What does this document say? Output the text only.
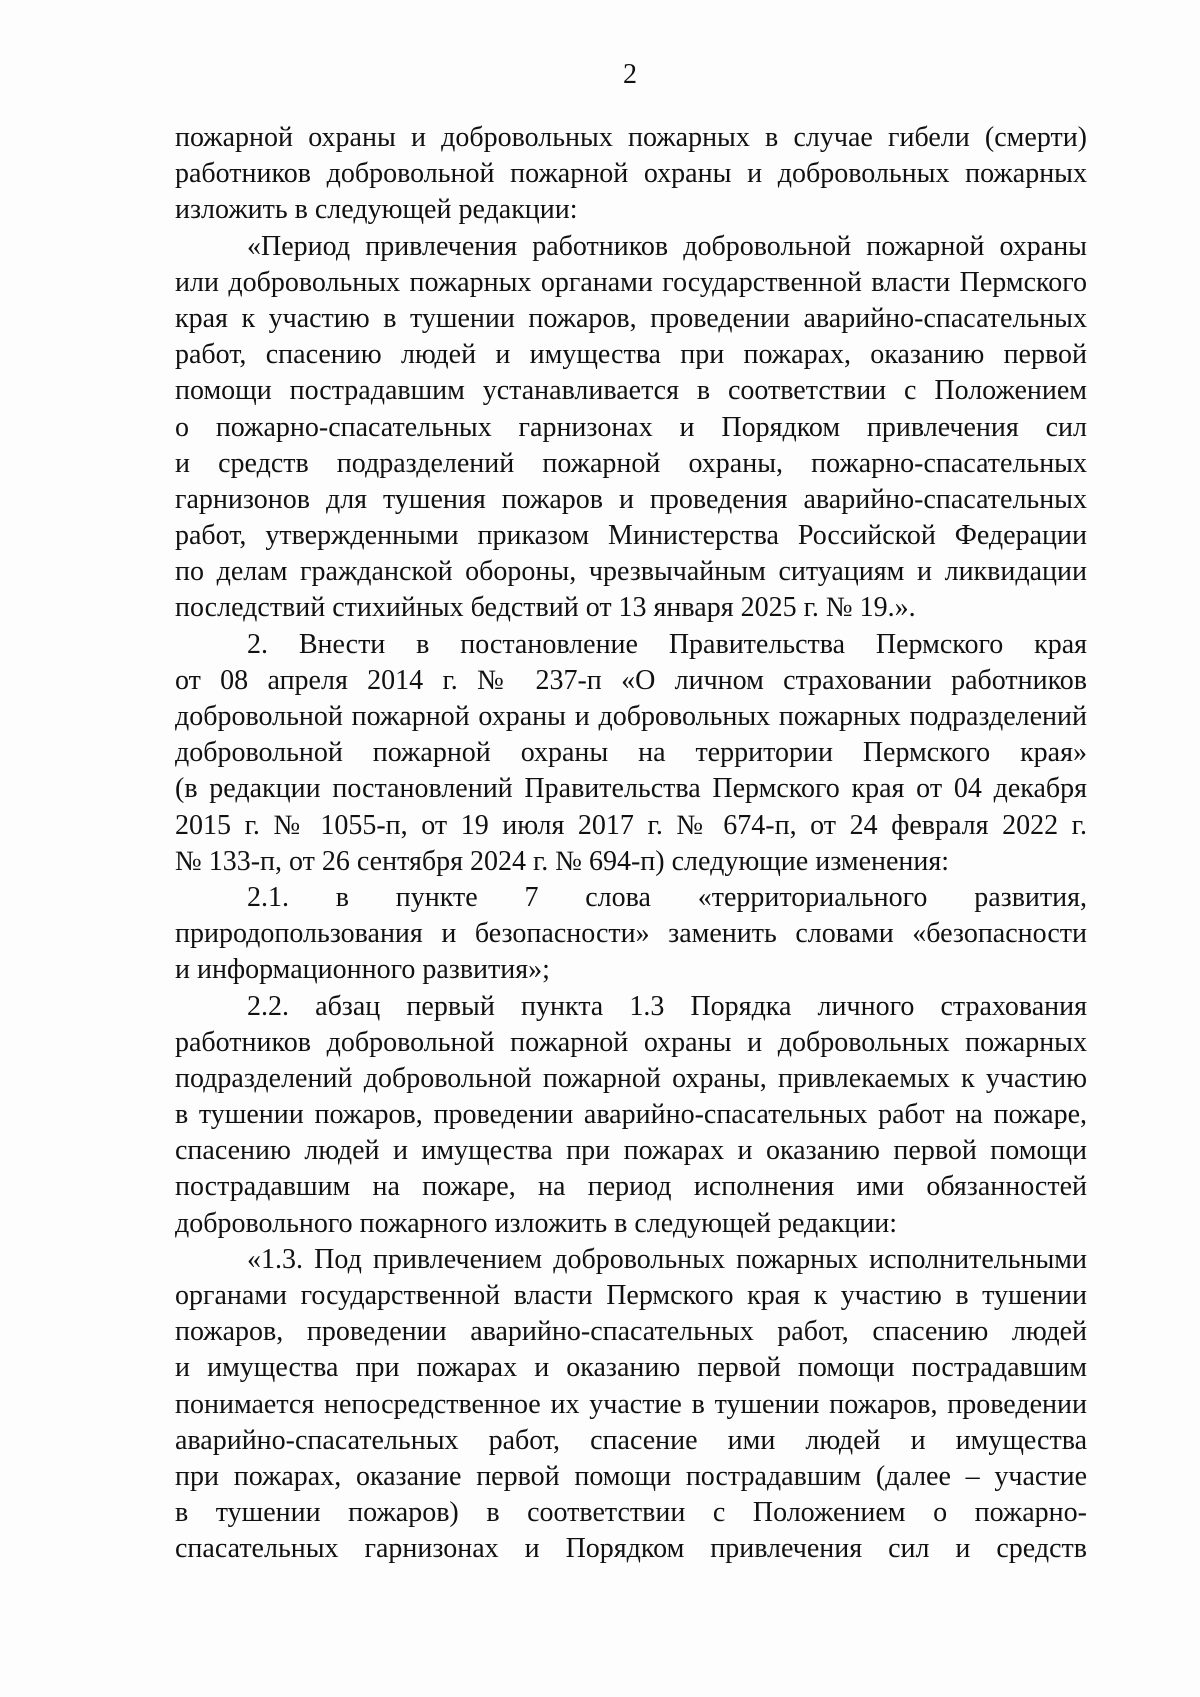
2
пожарной охраны и добровольных пожарных в случае гибели (смерти)
работников добровольной пожарной охраны и добровольных пожарных
изложить в следующей редакции:
«Период привлечения работников добровольной пожарной охраны
или добровольных пожарных органами государственной власти Пермского
края к участию в тушении пожаров, проведении аварийно-спасательных
работ, спасению людей и имущества при пожарах, оказанию первой
помощи пострадавшим устанавливается в соответствии с Положением
о пожарно-спасательных гарнизонах и Порядком привлечения сил
и средств подразделений пожарной охраны, пожарно-спасательных
гарнизонов для тушения пожаров и проведения аварийно-спасательных
работ, утвержденными приказом Министерства Российской Федерации
по делам гражданской обороны, чрезвычайным ситуациям и ликвидации
последствий стихийных бедствий от 13 января 2025 г. № 19.».
2. Внести в постановление Правительства Пермского края
от 08 апреля 2014 г. № 237-п «О личном страховании работников
добровольной пожарной охраны и добровольных пожарных подразделений
добровольной пожарной охраны на территории Пермского края»
(в редакции постановлений Правительства Пермского края от 04 декабря
2015 г. № 1055-п, от 19 июля 2017 г. № 674-п, от 24 февраля 2022 г.
№ 133-п, от 26 сентября 2024 г. № 694-п) следующие изменения:
2.1. в пункте 7 слова «территориального развития,
природопользования и безопасности» заменить словами «безопасности
и информационного развития»;
2.2. абзац первый пункта 1.3 Порядка личного страхования
работников добровольной пожарной охраны и добровольных пожарных
подразделений добровольной пожарной охраны, привлекаемых к участию
в тушении пожаров, проведении аварийно-спасательных работ на пожаре,
спасению людей и имущества при пожарах и оказанию первой помощи
пострадавшим на пожаре, на период исполнения ими обязанностей
добровольного пожарного изложить в следующей редакции:
«1.3. Под привлечением добровольных пожарных исполнительными
органами государственной власти Пермского края к участию в тушении
пожаров, проведении аварийно-спасательных работ, спасению людей
и имущества при пожарах и оказанию первой помощи пострадавшим
понимается непосредственное их участие в тушении пожаров, проведении
аварийно-спасательных работ, спасение ими людей и имущества
при пожарах, оказание первой помощи пострадавшим (далее – участие
в тушении пожаров) в соответствии с Положением о пожарно-
спасательных гарнизонах и Порядком привлечения сил и средств
